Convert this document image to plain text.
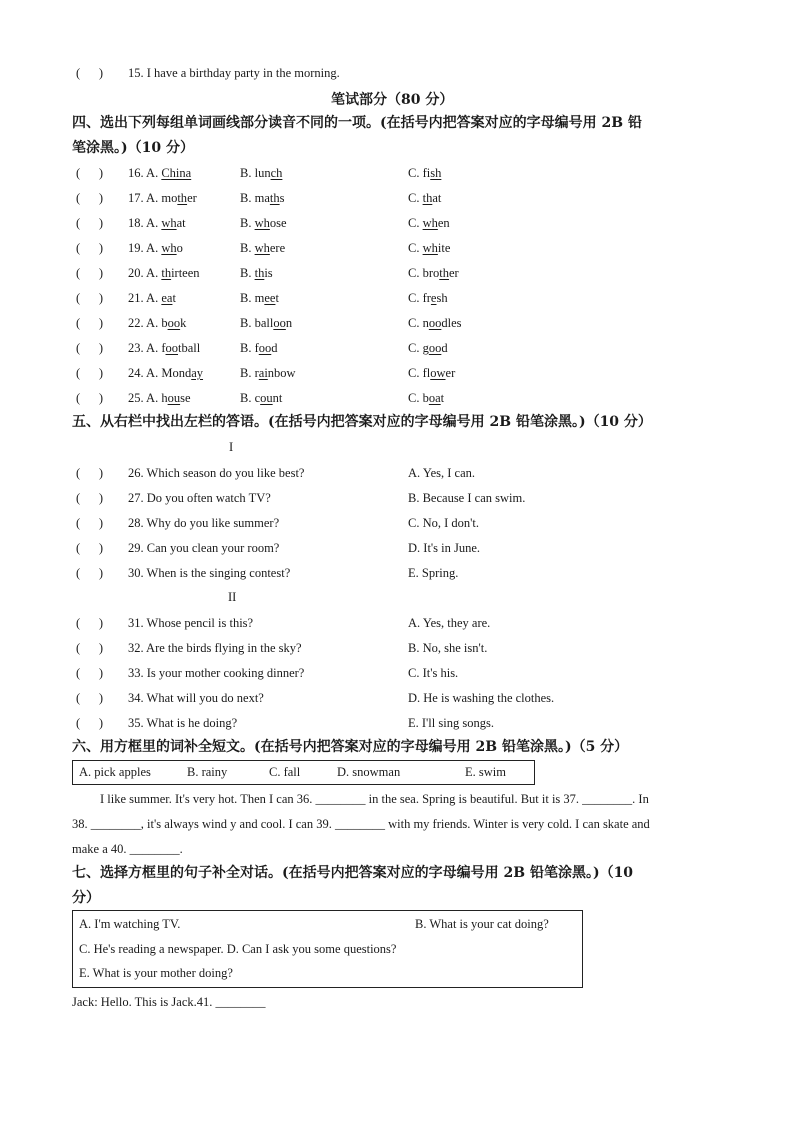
(      ) 15. I have a birthday party in the morning.
笔试部分（80 分）
四、选出下列每组单词画线部分读音不同的一项。(在括号内把答案对应的字母编号用 2B 铅
笔涂黑。)（10 分）
(      ) 16. A. China	B. lunch	C. fish
(      ) 17. A. mother	B. maths	C. that
(      ) 18. A. what	B. whose	C. when
(      ) 19. A. who	B. where	C. white
(      ) 20. A. thirteen	B. this	C. brother
(      ) 21. A. eat	B. meet	C. fresh
(      ) 22. A. book	B. balloon	C. noodles
(      ) 23. A. football	B. food	C. good
(      ) 24. A. Monday	B. rainbow	C. flower
(      ) 25. A. house	B. count	C. boat
五、从右栏中找出左栏的答语。(在括号内把答案对应的字母编号用 2B 铅笔涂黑。)（10 分）
I
(      ) 26. Which season do you like best?	A. Yes, I can.
(      ) 27. Do you often watch TV?	B. Because I can swim.
(      ) 28. Why do you like summer?	C. No, I don't.
(      ) 29. Can you clean your room?	D. It's in June.
(      ) 30. When is the singing contest?	E. Spring.
II
(      ) 31. Whose pencil is this?	A. Yes, they are.
(      ) 32. Are the birds flying in the sky?	B. No, she isn't.
(      ) 33. Is your mother cooking dinner?	C. It's his.
(      ) 34. What will you do next?	D. He is washing the clothes.
(      ) 35. What is he doing?	E. I'll sing songs.
六、用方框里的词补全短文。(在括号内把答案对应的字母编号用 2B 铅笔涂黑。)（5 分）
A. pick apples	B. rainy	C. fall	D. snowman	E. swim
I like summer. It's very hot. Then I can 36. ________ in the sea. Spring is beautiful. But it is 37. ________. In
38. ________, it's always wind y and cool. I can 39. ________ with my friends. Winter is very cold. I can skate and
make a 40. ________.
七、选择方框里的句子补全对话。(在括号内把答案对应的字母编号用 2B 铅笔涂黑。)（10
分）
A. I'm watching TV.	B. What is your cat doing?
C. He's reading a newspaper. D. Can I ask you some questions?
E. What is your mother doing?
Jack: Hello. This is Jack.41. ________
